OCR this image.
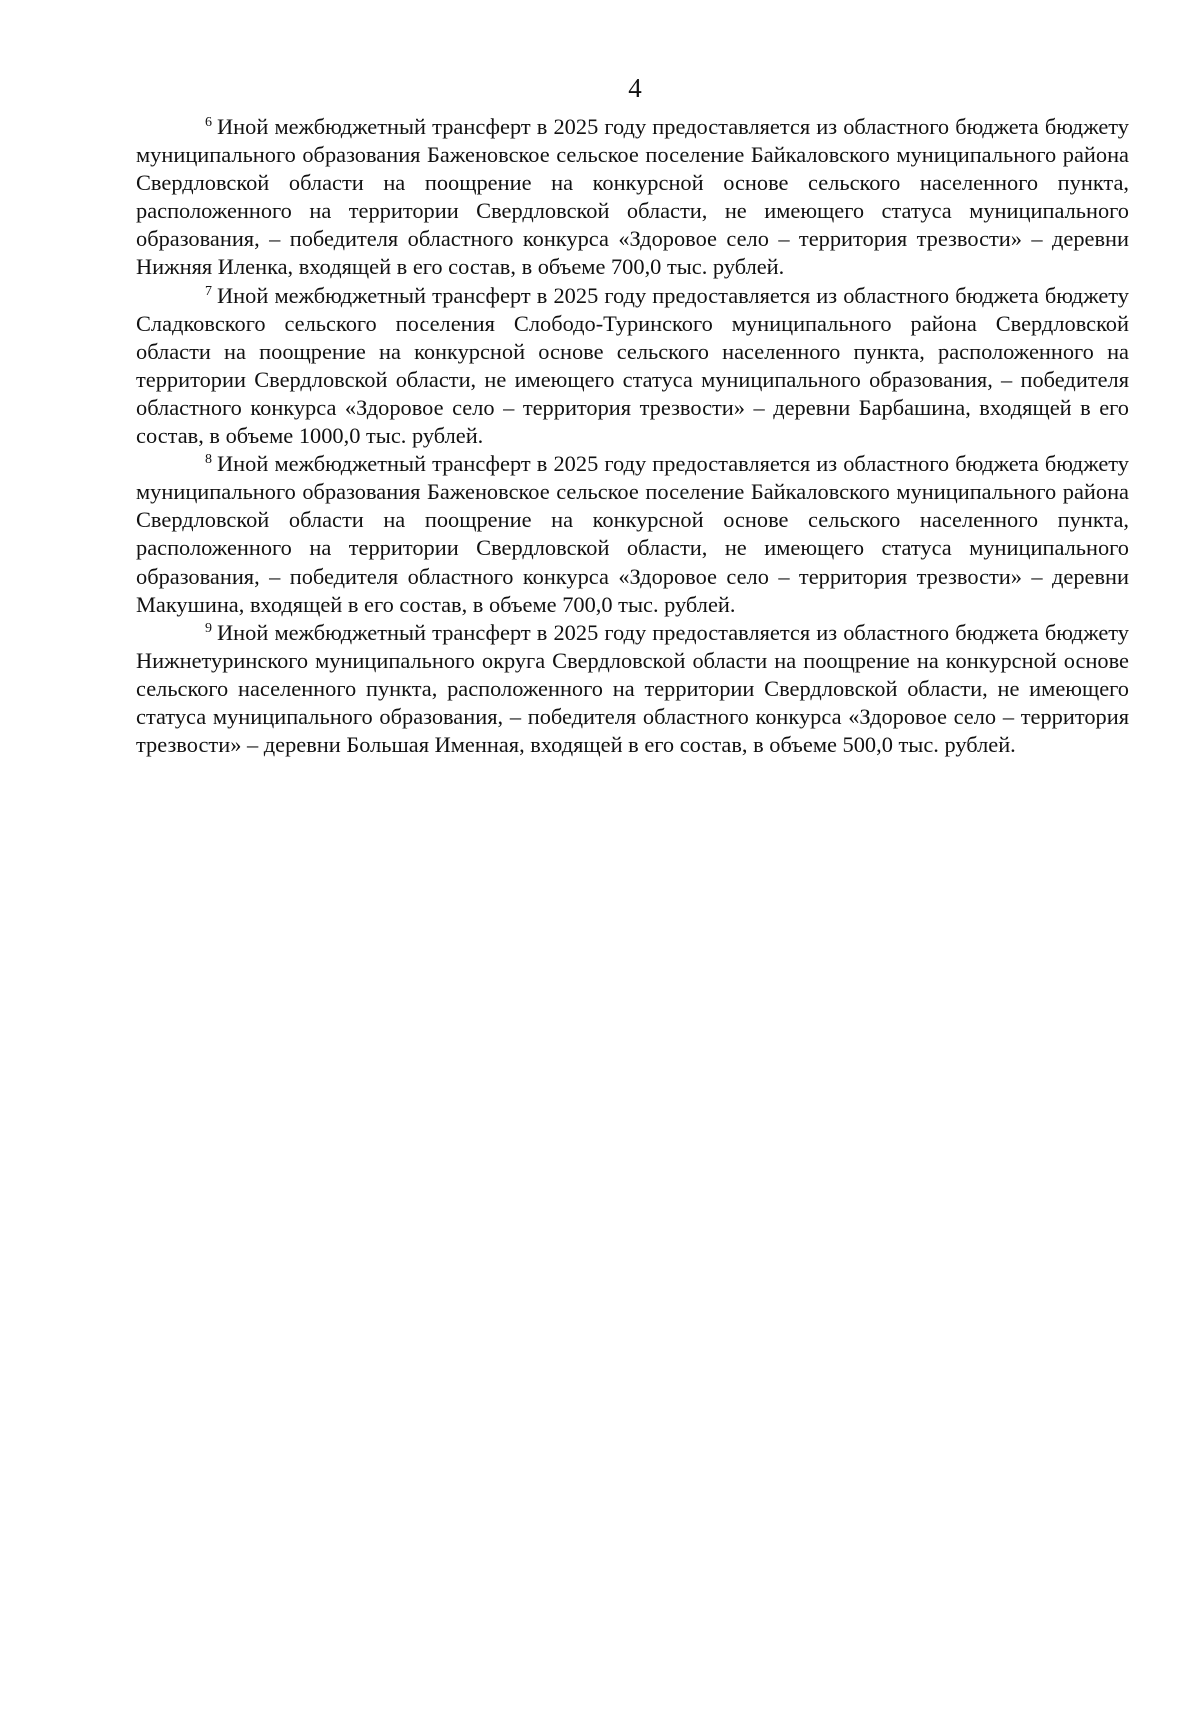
4

$^6$ Иной межбюджетный трансферт в 2025 году предоставляется из областного бюджета бюджету муниципального образования Баженовское сельское поселение Байкаловского муниципального района Свердловской области на поощрение на конкурсной основе сельского населенного пункта, расположенного на территории Свердловской области, не имеющего статуса муниципального образования, – победителя областного конкурса «Здоровое село – территория трезвости» – деревни Нижняя Иленка, входящей в его состав, в объеме 700,0 тыс. рублей.

$^7$ Иной межбюджетный трансферт в 2025 году предоставляется из областного бюджета бюджету Сладковского сельского поселения Слободо-Туринского муниципального района Свердловской области на поощрение на конкурсной основе сельского населенного пункта, расположенного на территории Свердловской области, не имеющего статуса муниципального образования, – победителя областного конкурса «Здоровое село – территория трезвости» – деревни Барбашина, входящей в его состав, в объеме 1000,0 тыс. рублей.

$^8$ Иной межбюджетный трансферт в 2025 году предоставляется из областного бюджета бюджету муниципального образования Баженовское сельское поселение Байкаловского муниципального района Свердловской области на поощрение на конкурсной основе сельского населенного пункта, расположенного на территории Свердловской области, не имеющего статуса муниципального образования, – победителя областного конкурса «Здоровое село – территория трезвости» – деревни Макушина, входящей в его состав, в объеме 700,0 тыс. рублей.

$^9$ Иной межбюджетный трансферт в 2025 году предоставляется из областного бюджета бюджету Нижнетуринского муниципального округа Свердловской области на поощрение на конкурсной основе сельского населенного пункта, расположенного на территории Свердловской области, не имеющего статуса муниципального образования, – победителя областного конкурса «Здоровое село – территория трезвости» – деревни Большая Именная, входящей в его состав, в объеме 500,0 тыс. рублей.
